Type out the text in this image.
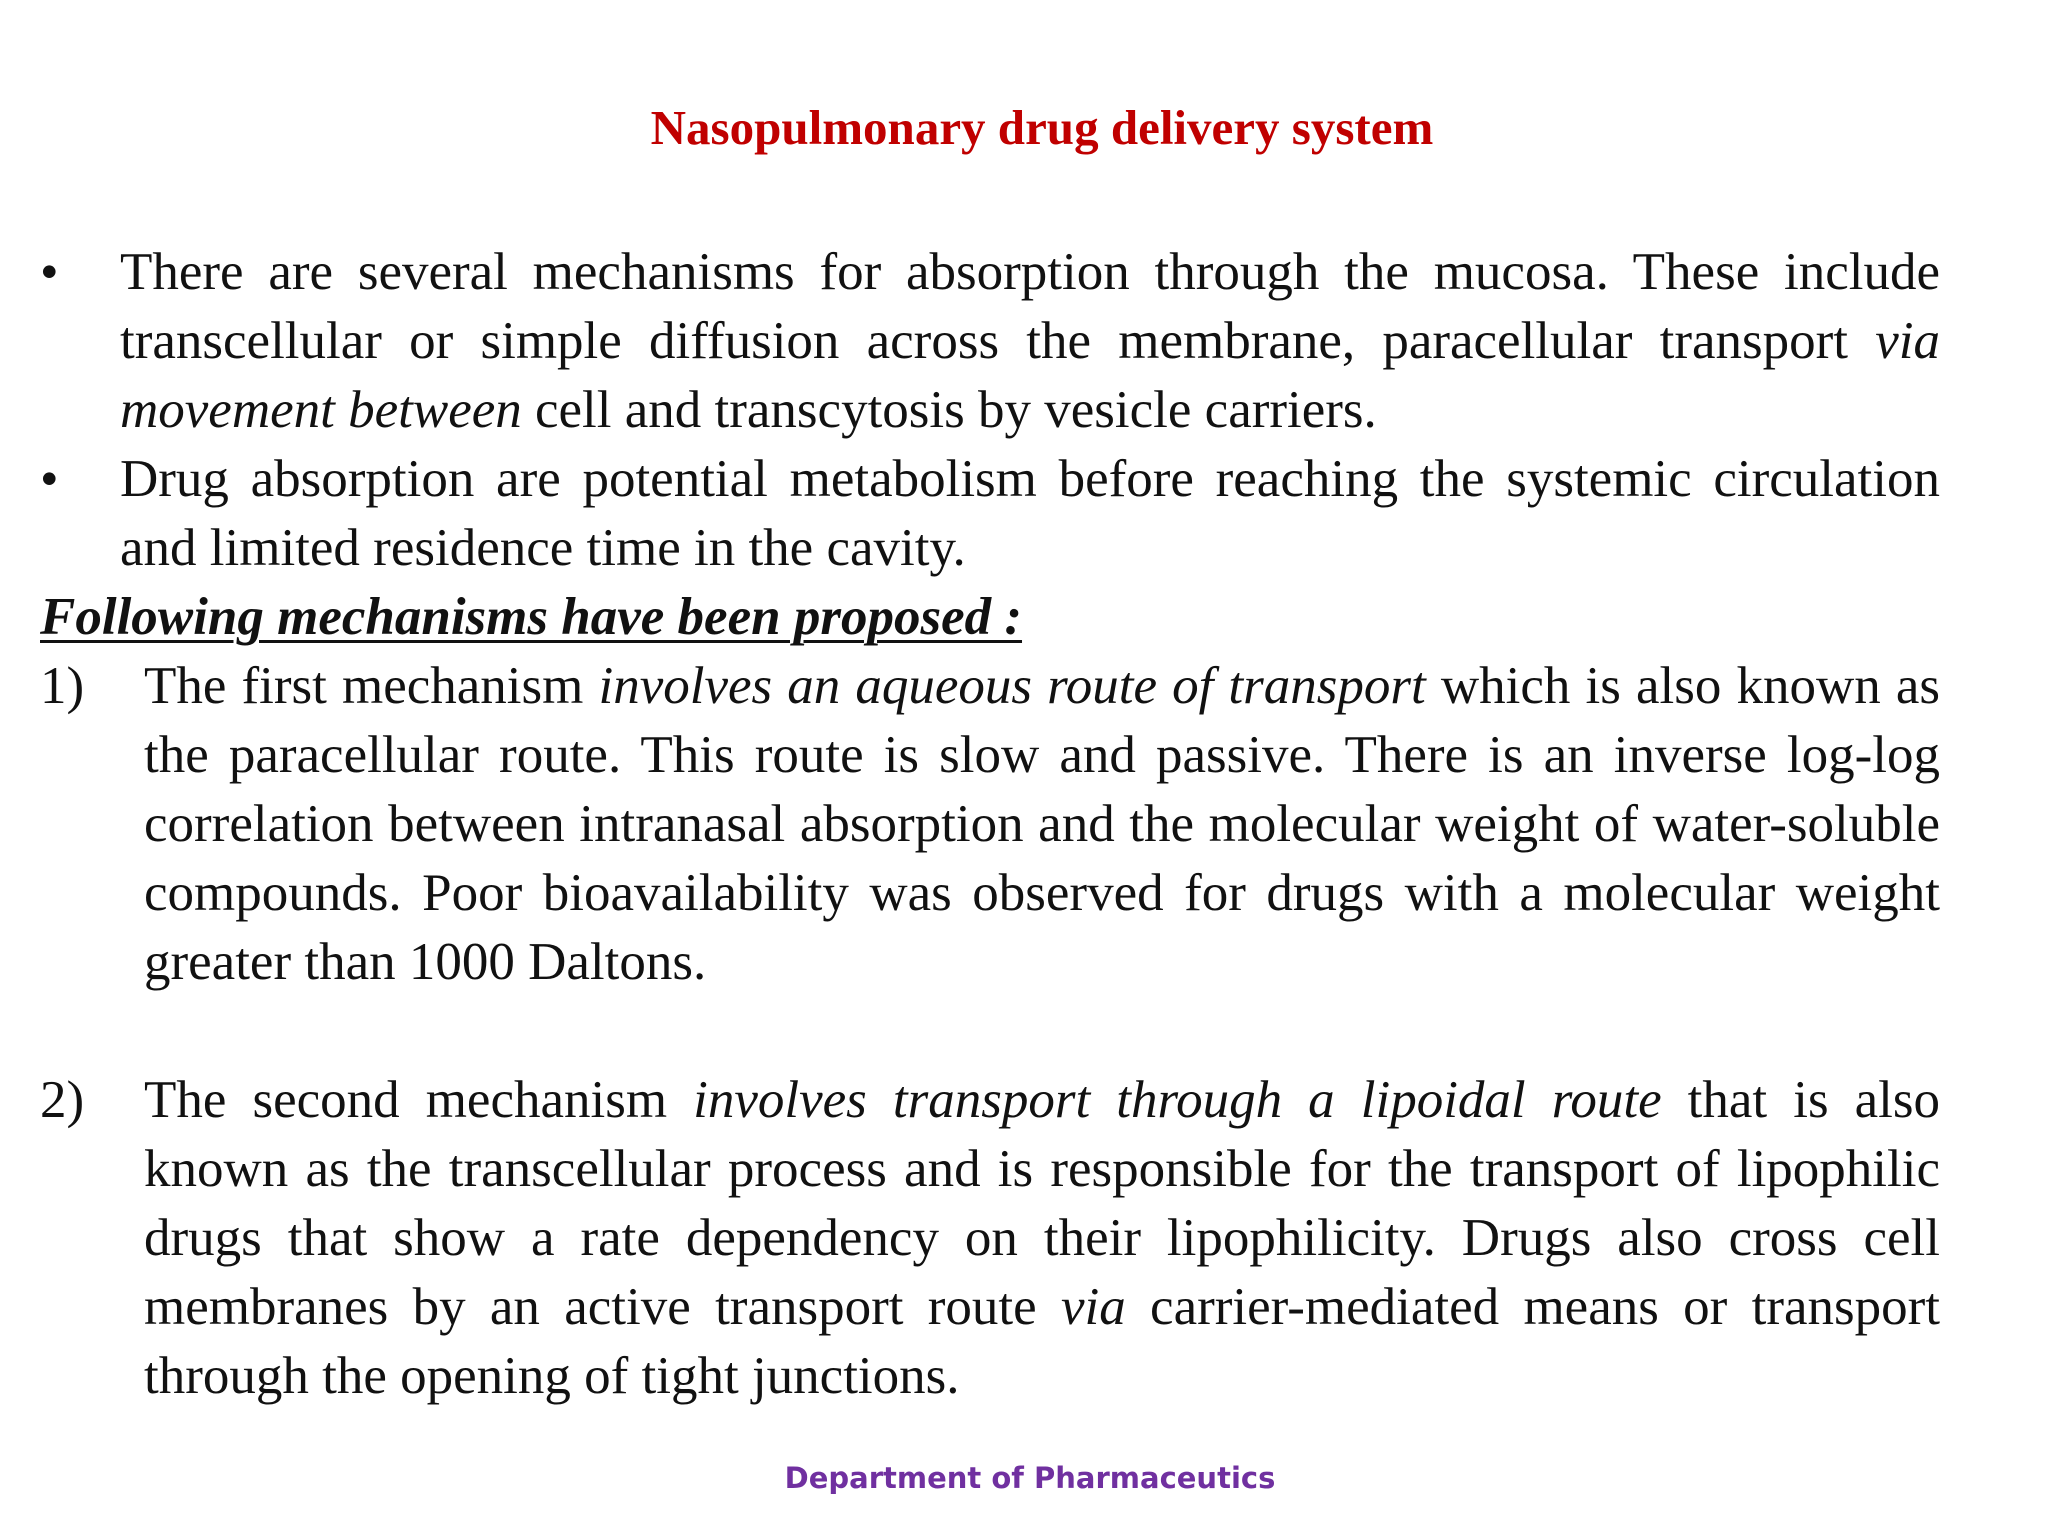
Nasopulmonary drug delivery system
• There are several mechanisms for absorption through the mucosa. These include transcellular or simple diffusion across the membrane, paracellular transport via movement between cell and transcytosis by vesicle carriers.
• Drug absorption are potential metabolism before reaching the systemic circulation and limited residence time in the cavity.
Following mechanisms have been proposed :
1) The first mechanism involves an aqueous route of transport which is also known as the paracellular route. This route is slow and passive. There is an inverse log-log correlation between intranasal absorption and the molecular weight of water-soluble compounds. Poor bioavailability was observed for drugs with a molecular weight greater than 1000 Daltons.
2) The second mechanism involves transport through a lipoidal route that is also known as the transcellular process and is responsible for the transport of lipophilic drugs that show a rate dependency on their lipophilicity. Drugs also cross cell membranes by an active transport route via carrier-mediated means or transport through the opening of tight junctions.
Department of Pharmaceutics
